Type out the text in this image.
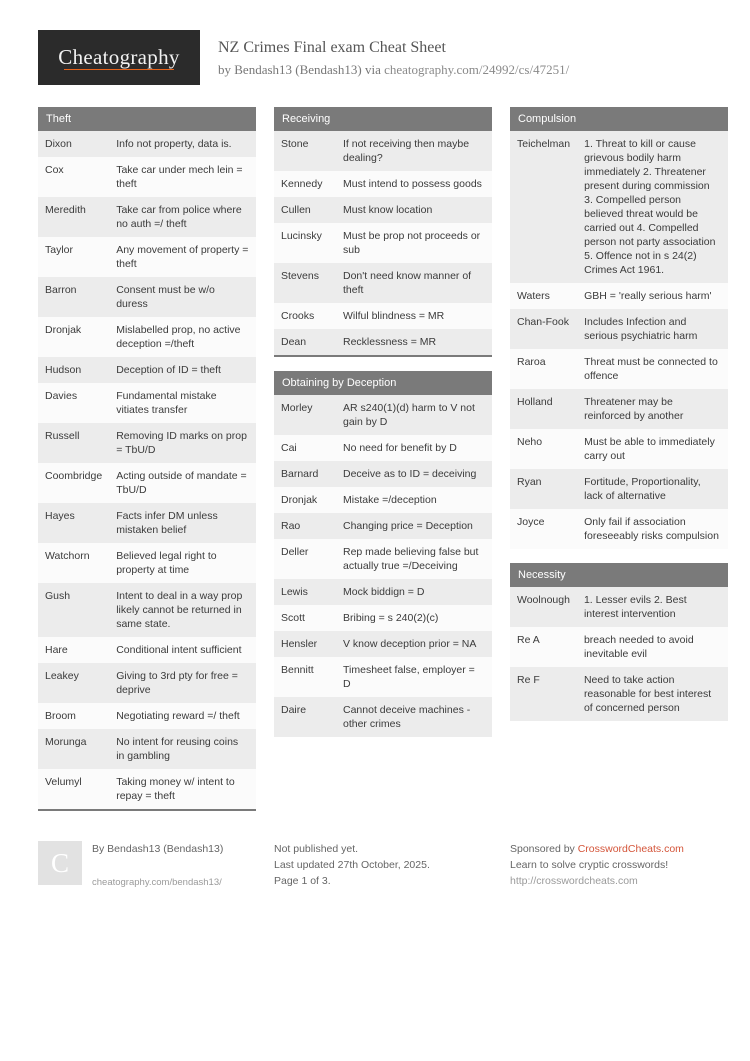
Cheatography NZ Crimes Final exam Cheat Sheet
by Bendash13 (Bendash13) via cheatography.com/24992/cs/47251/
Theft
Dixon	Info not property, data is.
Cox	Take car under mech lein = theft
Meredith	Take car from police where no auth =/ theft
Taylor	Any movement of property = theft
Barron	Consent must be w/o duress
Dronjak	Mislabelled prop, no active deception =/theft
Hudson	Deception of ID = theft
Davies	Fundamental mistake vitiates transfer
Russell	Removing ID marks on prop = TbU/D
Coombridge	Acting outside of mandate = TbU/D
Hayes	Facts infer DM unless mistaken belief
Watchorn	Believed legal right to property at time
Gush	Intent to deal in a way prop likely cannot be returned in same state.
Hare	Conditional intent sufficient
Leakey	Giving to 3rd pty for free = deprive
Broom	Negotiating reward =/ theft
Morunga	No intent for reusing coins in gambling
Velumyl	Taking money w/ intent to repay = theft
Receiving
Stone	If not receiving then maybe dealing?
Kennedy	Must intend to possess goods
Cullen	Must know location
Lucinsky	Must be prop not proceeds or sub
Stevens	Don't need know manner of theft
Crooks	Wilful blindness = MR
Dean	Recklessness = MR
Obtaining by Deception
Morley	AR s240(1)(d) harm to V not gain by D
Cai	No need for benefit by D
Barnard	Deceive as to ID = deceiving
Dronjak	Mistake =/deception
Rao	Changing price = Deception
Deller	Rep made believing false but actually true =/Deceiving
Lewis	Mock biddign = D
Scott	Bribing = s 240(2)(c)
Hensler	V know deception prior = NA
Bennitt	Timesheet false, employer = D
Daire	Cannot deceive machines - other crimes
Compulsion
Teichelman	1. Threat to kill or cause grievous bodily harm immediately 2. Threatener present during commission 3. Compelled person believed threat would be carried out 4. Compelled person not party association 5. Offence not in s 24(2) Crimes Act 1961.
Waters	GBH = 'really serious harm'
Chan-Fook	Includes Infection and serious psychiatric harm
Raroa	Threat must be connected to offence
Holland	Threatener may be reinforced by another
Neho	Must be able to immediately carry out
Ryan	Fortitude, Proportionality, lack of alternative
Joyce	Only fail if association foreseeably risks compulsion
Necessity
Woolnough	1. Lesser evils 2. Best interest intervention
Re A	breach needed to avoid inevitable evil
Re F	Need to take action reasonable for best interest of concerned person
C	By Bendash13 (Bendash13)
cheatography.com/bendash13/
Not published yet.
Last updated 27th October, 2025.
Page 1 of 3.
Sponsored by CrosswordCheats.com
Learn to solve cryptic crosswords!
http://crosswordcheats.com
